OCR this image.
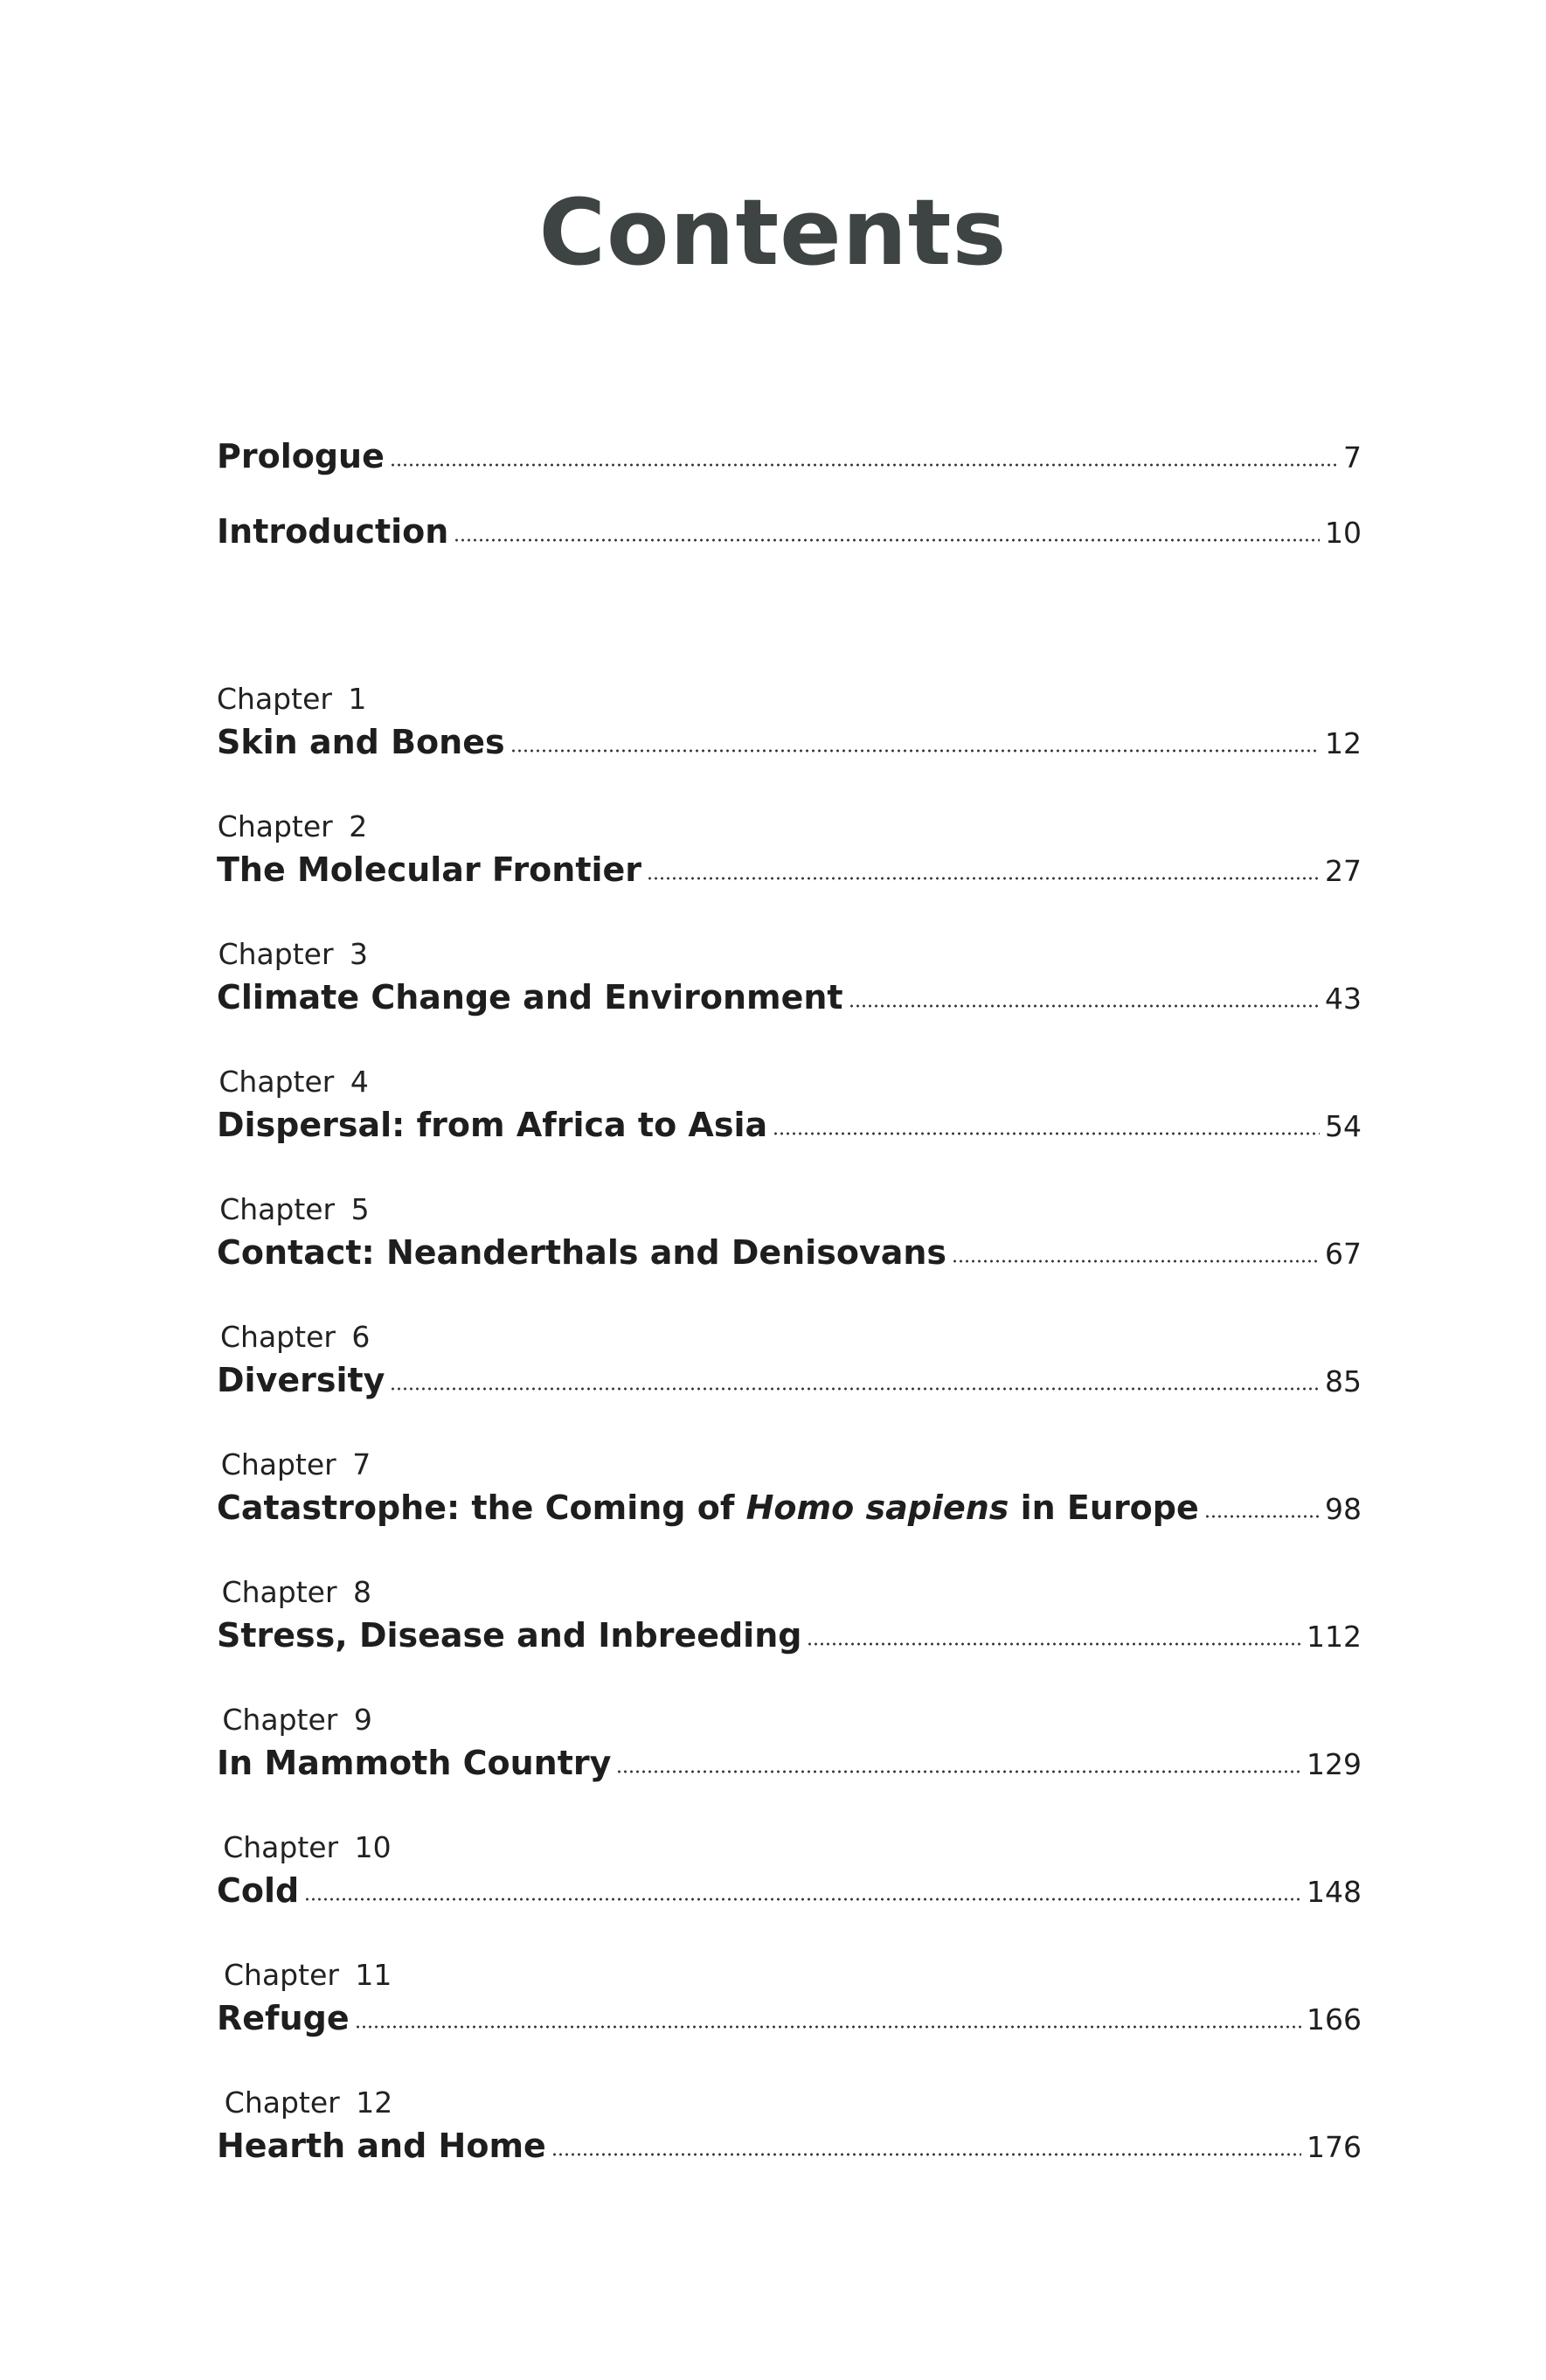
Contents
Prologue	7
Introduction	10
Chapter 1
Skin and Bones	12
Chapter 2
The Molecular Frontier	27
Chapter 3
Climate Change and Environment	43
Chapter 4
Dispersal: from Africa to Asia	54
Chapter 5
Contact: Neanderthals and Denisovans	67
Chapter 6
Diversity	85
Chapter 7
Catastrophe: the Coming of Homo sapiens in Europe	98
Chapter 8
Stress, Disease and Inbreeding	112
Chapter 9
In Mammoth Country	129
Chapter 10
Cold	148
Chapter 11
Refuge	166
Chapter 12
Hearth and Home	176
